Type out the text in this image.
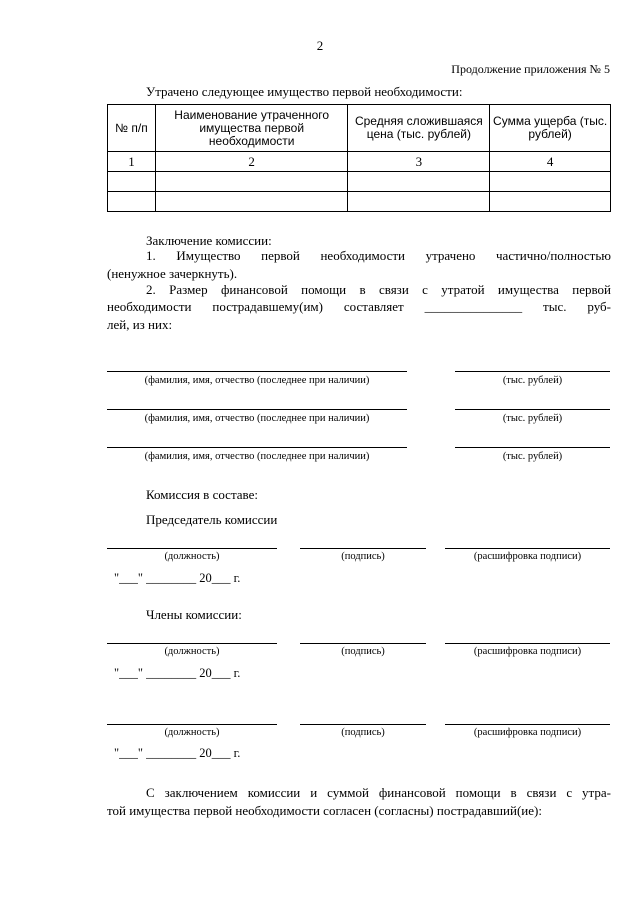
2
Продолжение приложения № 5
Утрачено следующее имущество первой необходимости:
№ п/п	Наименование утраченного имущества первой необходимости	Средняя сложившаяся цена (тыс. рублей)	Сумма ущерба (тыс. рублей)
1	2	3	4

Заключение комиссии:
1. Имущество первой необходимости утрачено частично/полностью
(ненужное зачеркнуть).
2. Размер финансовой помощи в связи с утратой имущества первой
необходимости пострадавшему(им) составляет _______________ тыс. руб-
лей, из них:
(фамилия, имя, отчество (последнее при наличии)	(тыс. рублей)
(фамилия, имя, отчество (последнее при наличии)	(тыс. рублей)
(фамилия, имя, отчество (последнее при наличии)	(тыс. рублей)
Комиссия в составе:
Председатель комиссии
(должность)	(подпись)	(расшифровка подписи)
"___" ________ 20___ г.
Члены комиссии:
(должность)	(подпись)	(расшифровка подписи)
"___" ________ 20___ г.
(должность)	(подпись)	(расшифровка подписи)
"___" ________ 20___ г.
С заключением комиссии и суммой финансовой помощи в связи с утра-
той имущества первой необходимости согласен (согласны) пострадавший(ие):
